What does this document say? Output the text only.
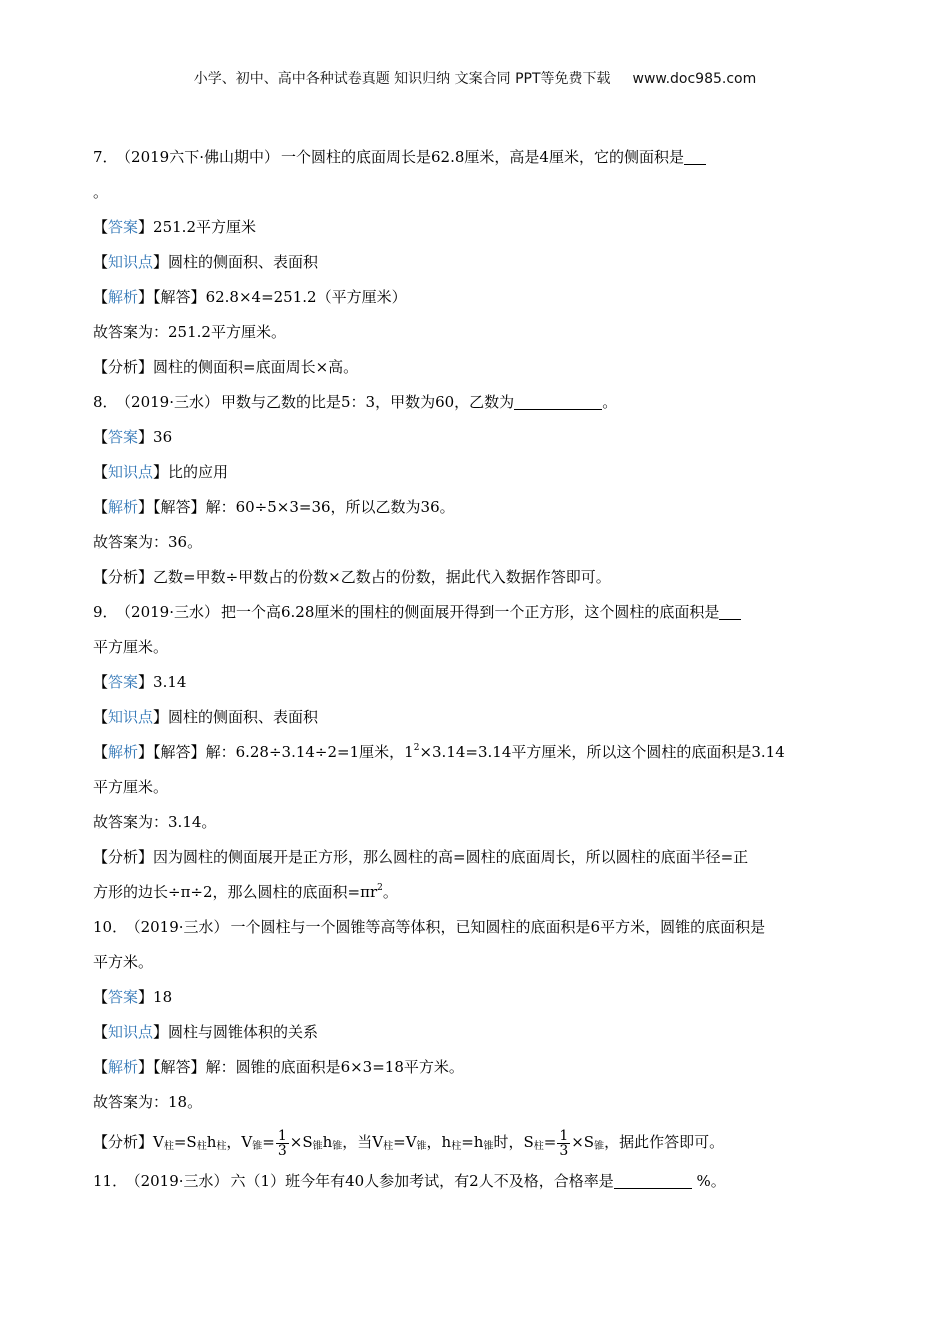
小学、初中、高中各种试卷真题 知识归纳 文案合同 PPT等免费下载 www.doc985.com
7． （2019六下·佛山期中） 一个圆柱的底面周长是62.8厘米，高是4厘米，它的侧面积是
。
【答案】251.2平方厘米
【知识点】圆柱的侧面积、表面积
【解析】【解答】62.8×4=251.2（平方厘米）
故答案为：251.2平方厘米。
【分析】圆柱的侧面积=底面周长×高。
8． （2019·三水） 甲数与乙数的比是5：3，甲数为60，乙数为	。
【答案】36
【知识点】比的应用
【解析】【解答】解：60÷5×3=36，所以乙数为36。
故答案为：36。
【分析】乙数=甲数÷甲数占的份数×乙数占的份数，据此代入数据作答即可。
9． （2019·三水） 把一个高6.28厘米的围柱的侧面展开得到一个正方形，这个圆柱的底面积是
平方厘米。
【答案】3.14
【知识点】圆柱的侧面积、表面积
【解析】【解答】解：6.28÷3.14÷2=1厘米，$1^2\times 3.14=3.14$平方厘米，所以这个圆柱的底面积是3.14
平方厘米。
故答案为：3.14。
【分析】因为圆柱的侧面展开是正方形，那么圆柱的高=圆柱的底面周长，所以圆柱的底面半径=正
方形的边长÷π÷2，那么圆柱的底面积$=\pi r^2$。
10． （2019·三水） 一个圆柱与一个圆锥等高等体积，已知圆柱的底面积是6平方米，圆锥的底面积是
平方米。
【答案】18
【知识点】圆柱与圆锥体积的关系
【解析】【解答】解：圆锥的底面积是6×3=18平方米。
故答案为：18。
【分析】$V_柱=S_柱h_柱$，$V_锥= \frac{1}{3} \times S_锥h_锥$，当$V_柱=V_锥$，$h_柱=h_锥$时，$S_柱= \frac{1}{3} \times S_锥$，据此作答即可。
11． （2019·三水） 六（1）班今年有40人参加考试，有2人不及格，合格率是	%。
